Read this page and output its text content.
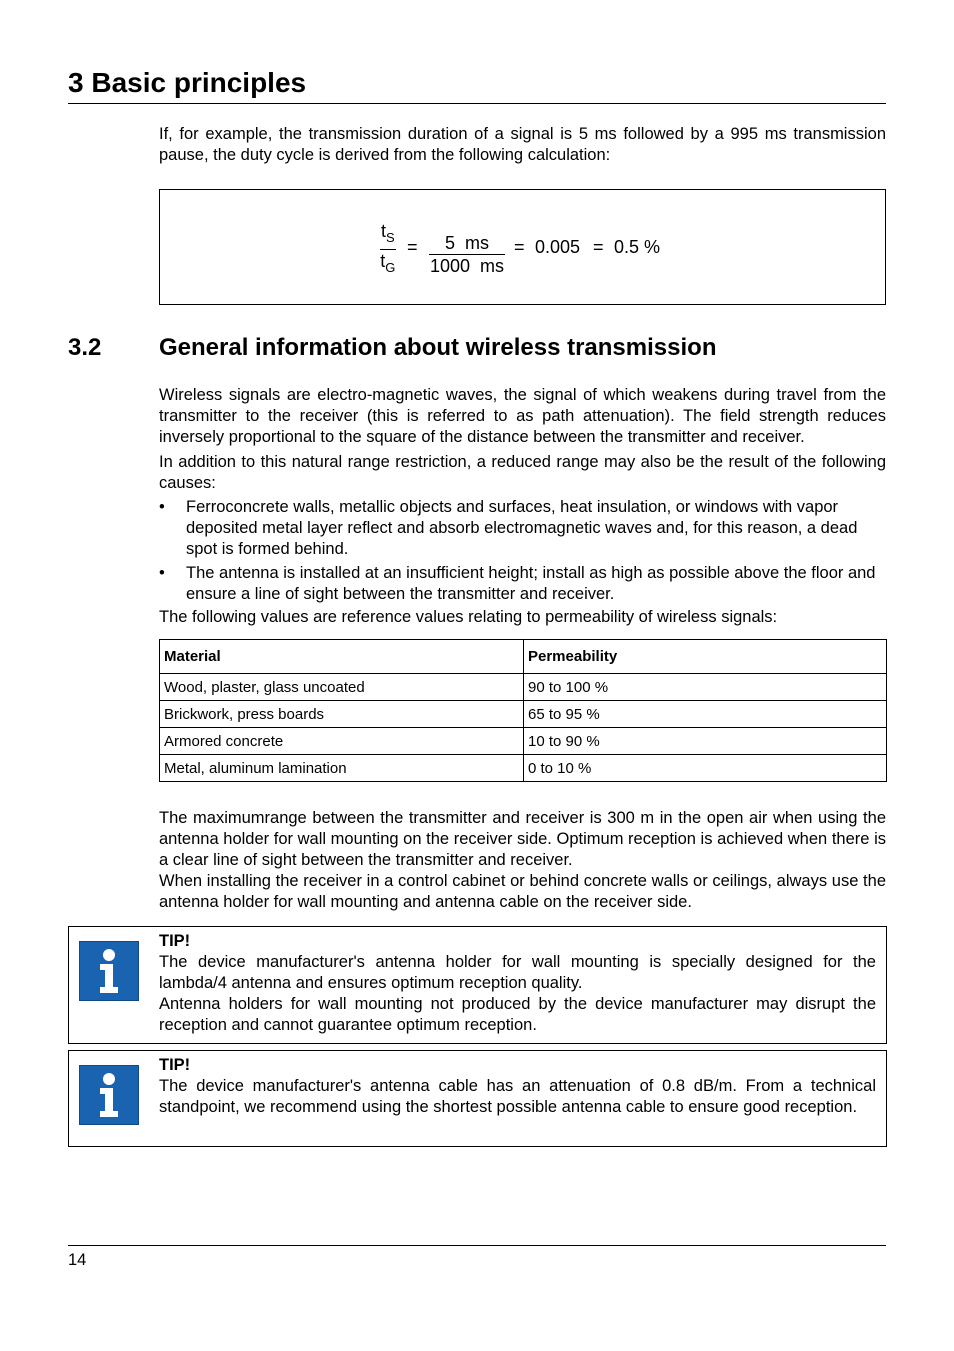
3 Basic principles
If, for example, the transmission duration of a signal is 5 ms followed by a 995 ms transmission pause, the duty cycle is derived from the following calculation:
$\frac{t_S}{t_G} = \frac{5 ms}{1000 ms} = 0.005 = 0.5$ %
3.2 General information about wireless transmission
Wireless signals are electro-magnetic waves, the signal of which weakens during travel from the transmitter to the receiver (this is referred to as path attenuation). The field strength reduces inversely proportional to the square of the distance between the transmitter and receiver.
In addition to this natural range restriction, a reduced range may also be the result of the following causes:
• Ferroconcrete walls, metallic objects and surfaces, heat insulation, or windows with vapor deposited metal layer reflect and absorb electromagnetic waves and, for this reason, a dead spot is formed behind.
• The antenna is installed at an insufficient height; install as high as possible above the floor and ensure a line of sight between the transmitter and receiver.
The following values are reference values relating to permeability of wireless signals:
Material	Permeability
Wood, plaster, glass uncoated	90 to 100 %
Brickwork, press boards	65 to 95 %
Armored concrete	10 to 90 %
Metal, aluminum lamination	0 to 10 %
The maximumrange between the transmitter and receiver is 300 m in the open air when using the antenna holder for wall mounting on the receiver side. Optimum reception is achieved when there is a clear line of sight between the transmitter and receiver.
When installing the receiver in a control cabinet or behind concrete walls or ceilings, always use the antenna holder for wall mounting and antenna cable on the receiver side.
TIP!
The device manufacturer's antenna holder for wall mounting is specially designed for the lambda/4 antenna and ensures optimum reception quality.
Antenna holders for wall mounting not produced by the device manufacturer may disrupt the reception and cannot guarantee optimum reception.
TIP!
The device manufacturer's antenna cable has an attenuation of 0.8 dB/m. From a technical standpoint, we recommend using the shortest possible antenna cable to ensure good reception.
14
